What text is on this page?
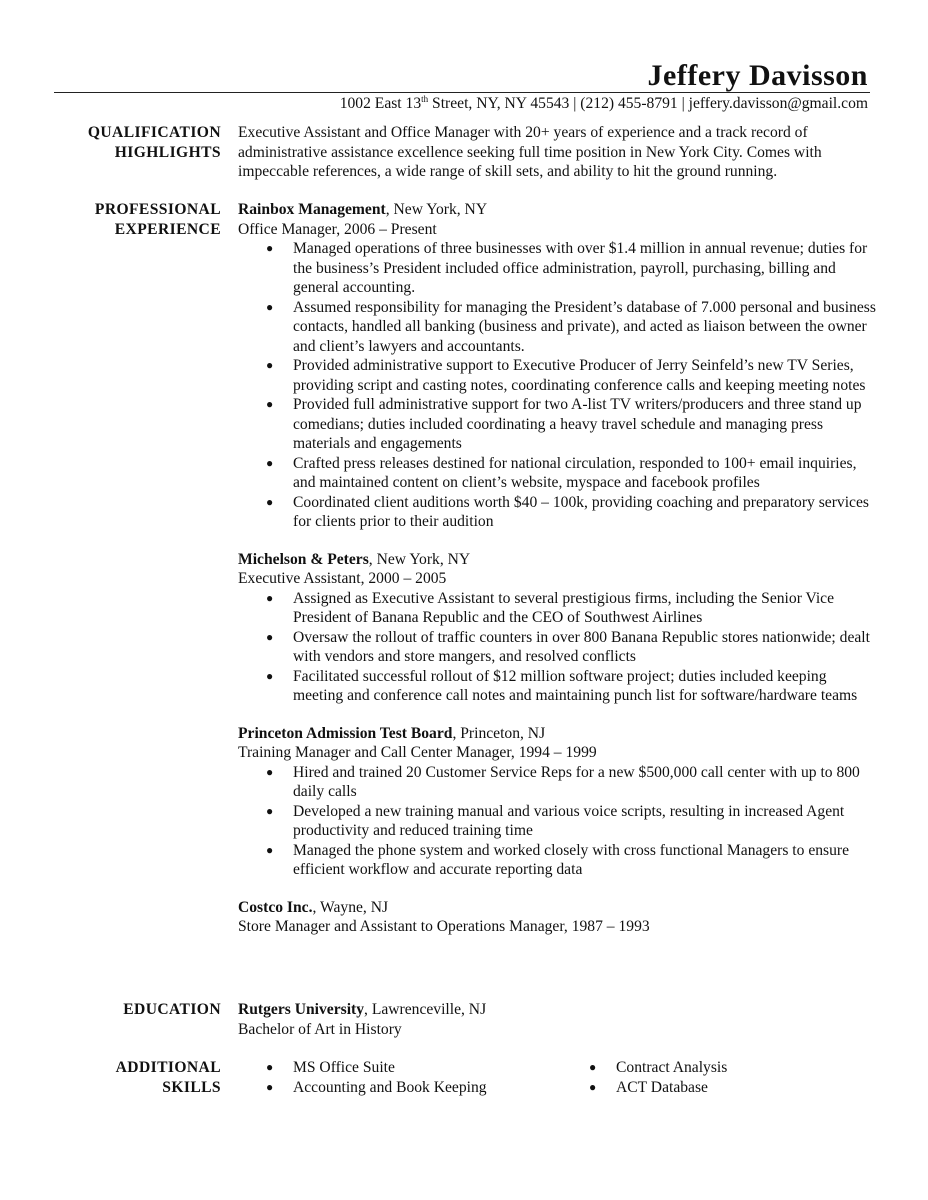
Jeffery Davisson
1002 East 13th Street, NY, NY 45543 | (212) 455-8791 | jeffery.davisson@gmail.com
QUALIFICATION
HIGHLIGHTS

Executive Assistant and Office Manager with 20+ years of experience and a track record of administrative assistance excellence seeking full time position in New York City. Comes with impeccable references, a wide range of skill sets, and ability to hit the ground running.

PROFESSIONAL
EXPERIENCE
Rainbox Management, New York, NY
Office Manager, 2006 – Present
● Managed operations of three businesses with over $1.4 million in annual revenue; duties for the business’s President included office administration, payroll, purchasing, billing and general accounting.
● Assumed responsibility for managing the President’s database of 7.000 personal and business contacts, handled all banking (business and private), and acted as liaison between the owner and client’s lawyers and accountants.
● Provided administrative support to Executive Producer of Jerry Seinfeld’s new TV Series, providing script and casting notes, coordinating conference calls and keeping meeting notes
● Provided full administrative support for two A-list TV writers/producers and three stand up comedians; duties included coordinating a heavy travel schedule and managing press materials and engagements
● Crafted press releases destined for national circulation, responded to 100+ email inquiries, and maintained content on client’s website, myspace and facebook profiles
● Coordinated client auditions worth $40 – 100k, providing coaching and preparatory services for clients prior to their audition
Michelson & Peters, New York, NY
Executive Assistant, 2000 – 2005
● Assigned as Executive Assistant to several prestigious firms, including the Senior Vice President of Banana Republic and the CEO of Southwest Airlines
● Oversaw the rollout of traffic counters in over 800 Banana Republic stores nationwide; dealt with vendors and store mangers, and resolved conflicts
● Facilitated successful rollout of $12 million software project; duties included keeping meeting and conference call notes and maintaining punch list for software/hardware teams
Princeton Admission Test Board, Princeton, NJ
Training Manager and Call Center Manager, 1994 – 1999
● Hired and trained 20 Customer Service Reps for a new $500,000 call center with up to 800 daily calls
● Developed a new training manual and various voice scripts, resulting in increased Agent productivity and reduced training time
● Managed the phone system and worked closely with cross functional Managers to ensure efficient workflow and accurate reporting data
Costco Inc., Wayne, NJ
Store Manager and Assistant to Operations Manager, 1987 – 1993
EDUCATION Rutgers University, Lawrenceville, NJ
Bachelor of Art in History
ADDITIONAL
SKILLS
● MS Office Suite
● Accounting and Book Keeping
● Contract Analysis
● ACT Database
